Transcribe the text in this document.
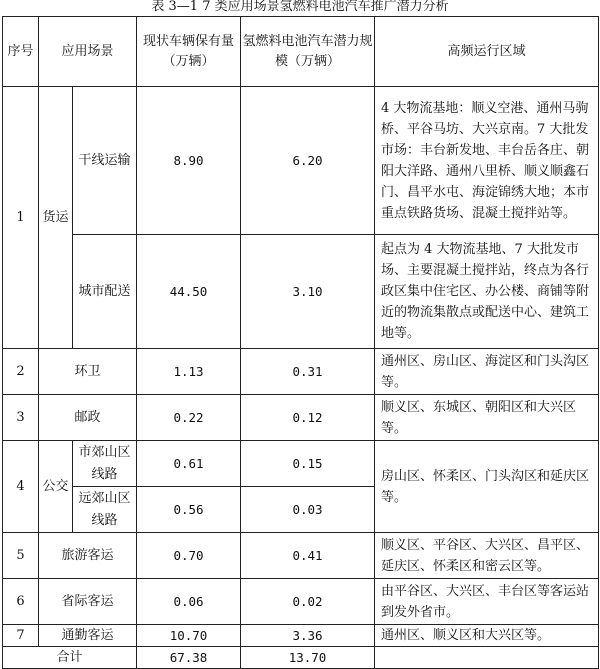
表 3—1 7 类应用场景氢燃料电池汽车推广潜力分析
序号	应用场景		现状车辆保有量（万辆）	氢燃料电池汽车潜力规模（万辆）	高频运行区域
1	货运	干线运输	8.90	6.20	4 大物流基地：顺义空港、通州马驹桥、平谷马坊、大兴京南。7 大批发市场：丰台新发地、丰台岳各庄、朝阳大洋路、通州八里桥、顺义顺鑫石门、昌平水屯、海淀锦绣大地；本市重点铁路货场、混凝土搅拌站等。
		城市配送	44.50	3.10	起点为 4 大物流基地、7 大批发市场、主要混凝土搅拌站，终点为各行政区集中住宅区、办公楼、商铺等附近的物流集散点或配送中心、建筑工地等。
2	环卫		1.13	0.31	通州区、房山区、海淀区和门头沟区等。
3	邮政		0.22	0.12	顺义区、东城区、朝阳区和大兴区等。
4	公交	市郊山区线路	0.61	0.15	房山区、怀柔区、门头沟区和延庆区等。
		远郊山区线路	0.56	0.03	
5	旅游客运		0.70	0.41	顺义区、平谷区、大兴区、昌平区、延庆区、怀柔区和密云区等。
6	省际客运		0.06	0.02	由平谷区、大兴区、丰台区等客运站到发外省市。
7	通勤客运		10.70	3.36	通州区、顺义区和大兴区等。
合计			67.38	13.70	
